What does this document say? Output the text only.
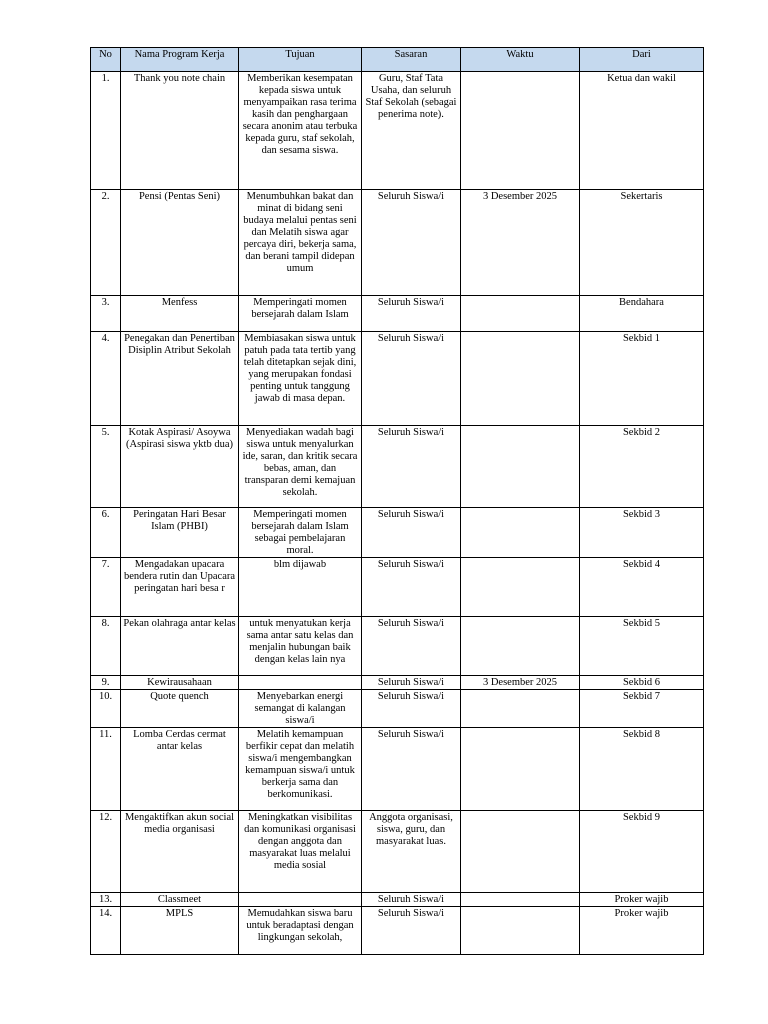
No	Nama Program Kerja	Tujuan	Sasaran	Waktu	Dari
1.	Thank you note chain	Memberikan kesempatan kepada siswa untuk menyampaikan rasa terima kasih dan penghargaan secara anonim atau terbuka kepada guru, staf sekolah, dan sesama siswa.	Guru, Staf Tata Usaha, dan seluruh Staf Sekolah (sebagai penerima note).		Ketua dan wakil
2.	Pensi (Pentas Seni)	Menumbuhkan bakat dan minat di bidang seni budaya melalui pentas seni dan Melatih siswa agar percaya diri, bekerja sama, dan berani tampil didepan umum	Seluruh Siswa/i	3 Desember 2025	Sekertaris
3.	Menfess	Memperingati momen bersejarah dalam Islam	Seluruh Siswa/i		Bendahara
4.	Penegakan dan Penertiban Disiplin Atribut Sekolah	Membiasakan siswa untuk patuh pada tata tertib yang telah ditetapkan sejak dini, yang merupakan fondasi penting untuk tanggung jawab di masa depan.	Seluruh Siswa/i		Sekbid 1
5.	Kotak Aspirasi/ Asoywa (Aspirasi siswa yktb dua)	Menyediakan wadah bagi siswa untuk menyalurkan ide, saran, dan kritik secara bebas, aman, dan transparan demi kemajuan sekolah.	Seluruh Siswa/i		Sekbid 2
6.	Peringatan Hari Besar Islam (PHBI)	Memperingati momen bersejarah dalam Islam sebagai pembelajaran moral.	Seluruh Siswa/i		Sekbid 3
7.	Mengadakan upacara bendera rutin dan Upacara peringatan hari besa r	blm dijawab	Seluruh Siswa/i		Sekbid 4
8.	Pekan olahraga antar kelas	untuk menyatukan kerja sama antar satu kelas dan menjalin hubungan baik dengan kelas lain nya	Seluruh Siswa/i		Sekbid 5
9.	Kewirausahaan		Seluruh Siswa/i	3 Desember 2025	Sekbid 6
10.	Quote quench	Menyebarkan energi semangat di kalangan siswa/i	Seluruh Siswa/i		Sekbid 7
11.	Lomba Cerdas cermat antar kelas	Melatih kemampuan berfikir cepat dan melatih siswa/i mengembangkan kemampuan siswa/i untuk berkerja sama dan berkomunikasi.	Seluruh Siswa/i		Sekbid 8
12.	Mengaktifkan akun social media organisasi	Meningkatkan visibilitas dan komunikasi organisasi dengan anggota dan masyarakat luas melalui media sosial	Anggota organisasi, siswa, guru, dan masyarakat luas.		Sekbid 9
13.	Classmeet		Seluruh Siswa/i		Proker wajib
14.	MPLS	Memudahkan siswa baru untuk beradaptasi dengan lingkungan sekolah,	Seluruh Siswa/i		Proker wajib
